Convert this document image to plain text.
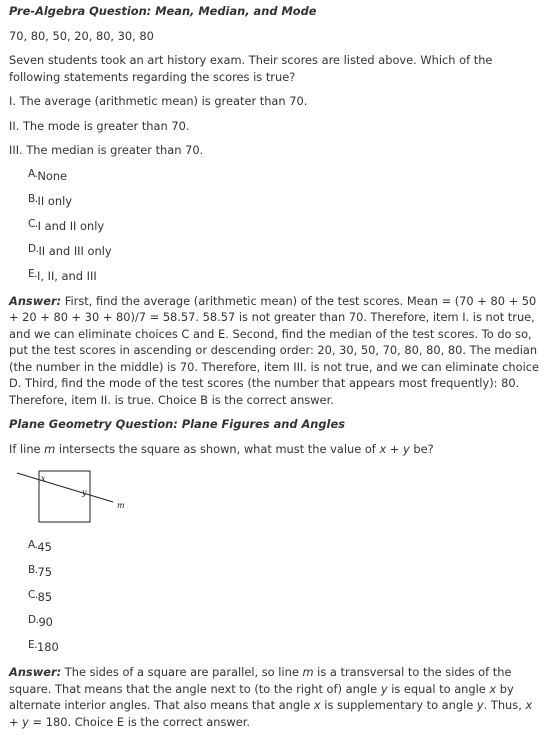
Pre-Algebra Question: Mean, Median, and Mode

70, 80, 50, 20, 80, 30, 80

Seven students took an art history exam. Their scores are listed above. Which of the following statements regarding the scores is true?

I. The average (arithmetic mean) is greater than 70.

II. The mode is greater than 70.

III. The median is greater than 70.

A.None
B.II only
C.I and II only
D.II and III only
E.I, II, and III

Answer: First, find the average (arithmetic mean) of the test scores. Mean = (70 + 80 + 50 + 20 + 80 + 30 + 80)/7 = 58.57. 58.57 is not greater than 70. Therefore, item I. is not true, and we can eliminate choices C and E. Second, find the median of the test scores. To do so, put the test scores in ascending or descending order: 20, 30, 50, 70, 80, 80, 80. The median (the number in the middle) is 70. Therefore, item III. is not true, and we can eliminate choice D. Third, find the mode of the test scores (the number that appears most frequently): 80. Therefore, item II. is true. Choice B is the correct answer.

Plane Geometry Question: Plane Figures and Angles

If line m intersects the square as shown, what must the value of x + y be?

x
y
m
A.45
B.75
C.85
D.90
E.180

Answer: The sides of a square are parallel, so line m is a transversal to the sides of the square. That means that the angle next to (to the right of) angle y is equal to angle x by alternate interior angles. That also means that angle x is supplementary to angle y. Thus, x + y = 180. Choice E is the correct answer.
